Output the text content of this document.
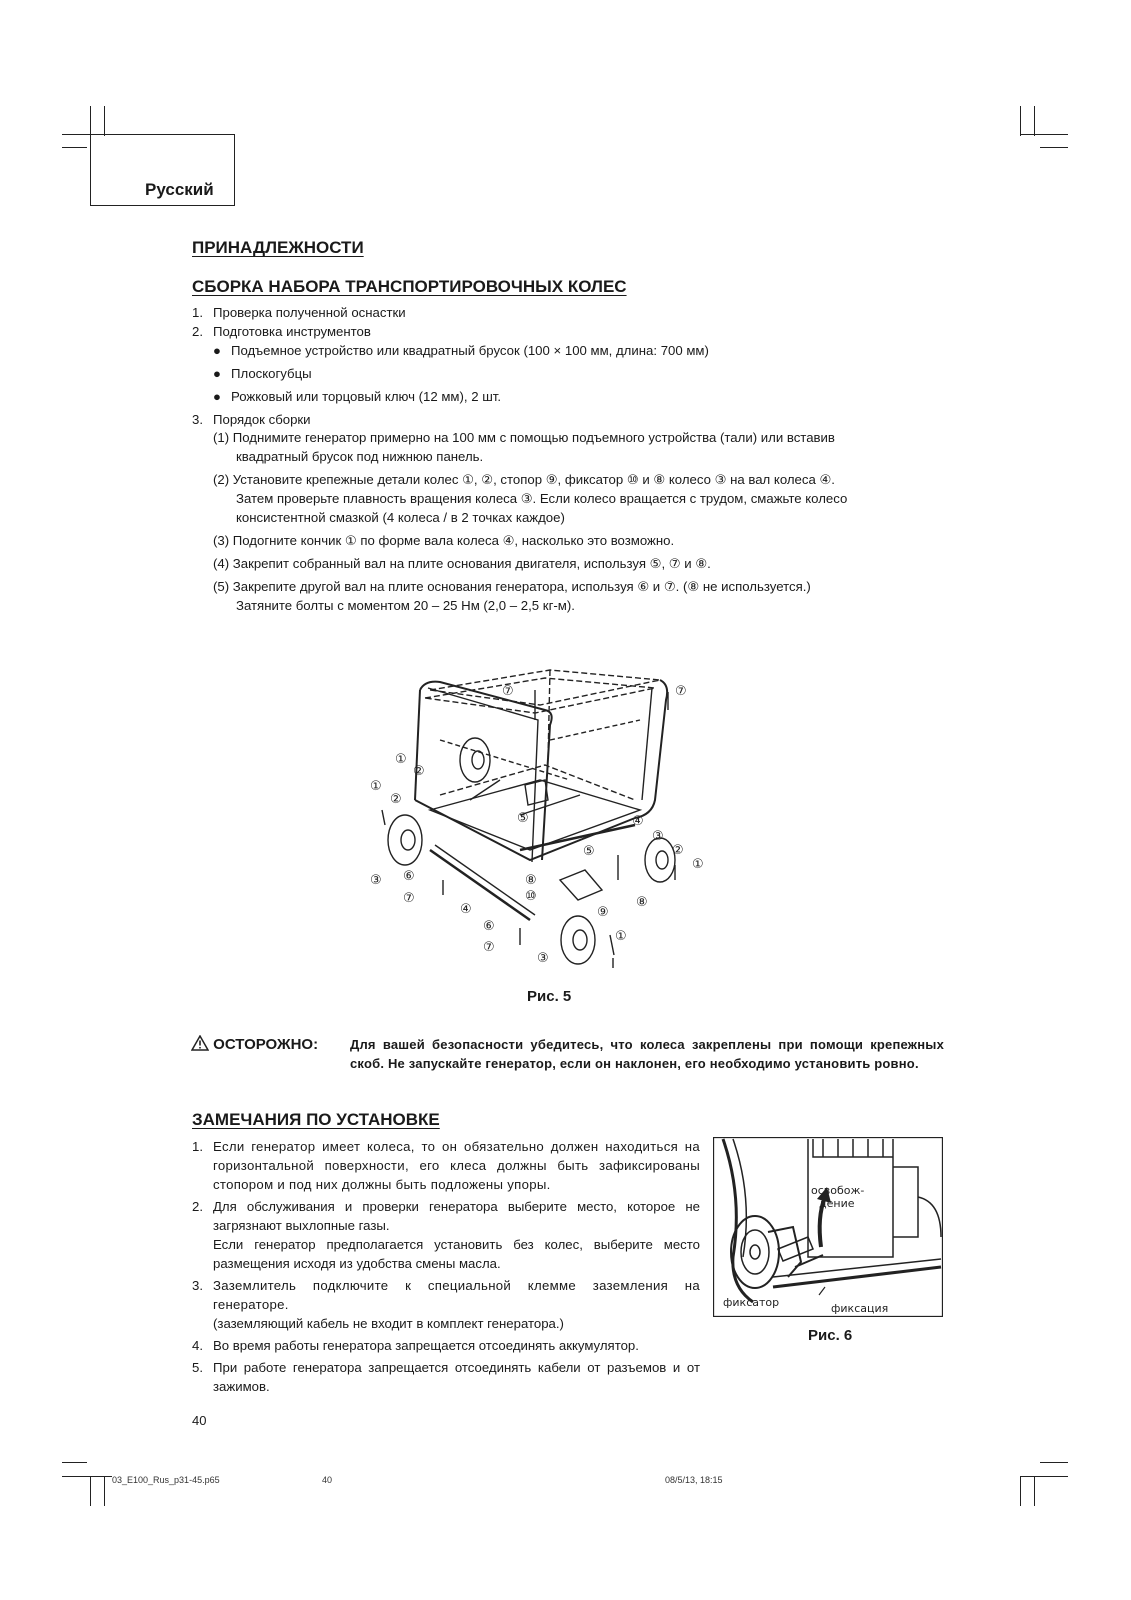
Русский
ПРИНАДЛЕЖНОСТИ
СБОРКА НАБОРА ТРАНСПОРТИРОВОЧНЫХ КОЛЕС
1. Проверка полученной оснастки
2. Подготовка инструментов
● Подъемное устройство или квадратный брусок (100 × 100 мм, длина: 700 мм)
● Плоскогубцы
● Рожковый или торцовый ключ (12 мм), 2 шт.
3. Порядок сборки
(1) Поднимите генератор примерно на 100 мм с помощью подъемного устройства (тали) или вставив
квадратный брусок под нижнюю панель.
(2) Установите крепежные детали колес ①, ②, стопор ⑨, фиксатор ⑩ и ⑧ колесо ③ на вал колеса ④.
Затем проверьте плавность вращения колеса ③. Если колесо вращается с трудом, смажьте колесо
консистентной смазкой (4 колеса / в 2 точках каждое)
(3) Подогните кончик ① по форме вала колеса ④, насколько это возможно.
(4) Закрепит собранный вал на плите основания двигателя, используя ⑤, ⑦ и ⑧.
(5) Закрепите другой вал на плите основания генератора, используя ⑥ и ⑦. (⑧ не используется.)
Затяните болты с моментом 20 – 25 Нм (2,0 – 2,5 кг-м).
⑦	⑦
①
②
①
②
⑤	④
③
②
①
⑤
③ ⑥
⑦
⑧
⑩
④	⑨
⑧
⑥
⑦
①
③
Рис. 5
ОСТОРОЖНО: Для вашей безопасности убедитесь, что колеса закреплены при помощи крепежных скоб. Не запускайте генератор, если он наклонен, его необходимо установить ровно.
ЗАМЕЧАНИЯ ПО УСТАНОВКЕ
1. Если генератор имеет колеса, то он обязательно должен находиться на горизонтальной поверхности, его клеса должны быть зафиксированы стопором и под них должны быть подложены упоры.
2. Для обслуживания и проверки генератора выберите место, которое не загрязнают выхлопные газы.
Если генератор предполагается установить без колес, выберите место размещения исходя из удобства смены масла.
3. Заземлитель подключите к специальной клемме заземления на генераторе.
(заземляющий кабель не входит в комплект генератора.)
4. Во время работы генератора запрещается отсоединять аккумулятор.
5. При работе генератора запрещается отсоединять кабели от разъемов и от зажимов.
освобож-
дение
фиксатор	фиксация
Рис. 6
40
03_E100_Rus_p31-45.p65	40	08/5/13, 18:15
